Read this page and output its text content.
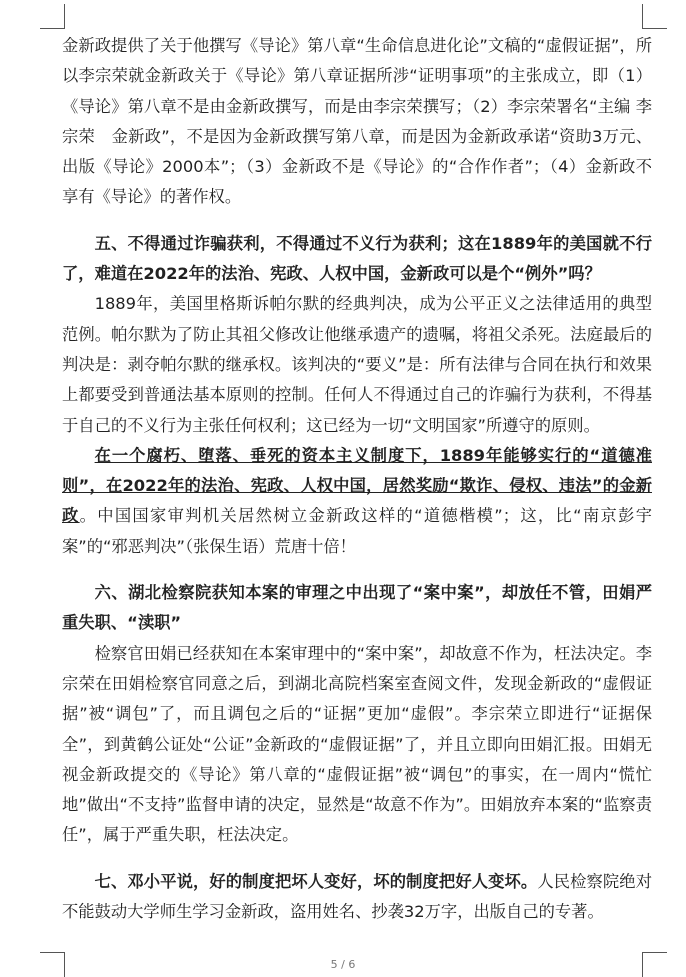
金新政提供了关于他撰写《导论》第八章“生命信息进化论”文稿的“虚假证据”，所以李宗荣就金新政关于《导论》第八章证据所涉“证明事项”的主张成立，即（1）《导论》第八章不是由金新政撰写，而是由李宗荣撰写；（2）李宗荣署名“主编 李宗荣　金新政”，不是因为金新政撰写第八章，而是因为金新政承诺“资助3万元、出版《导论》2000本”；（3）金新政不是《导论》的“合作作者”；（4）金新政不享有《导论》的著作权。

五、不得通过诈骗获利，不得通过不义行为获利；这在1889年的美国就不行了，难道在2022年的法治、宪政、人权中国，金新政可以是个“例外”吗？

1889年，美国里格斯诉帕尔默的经典判决，成为公平正义之法律适用的典型范例。帕尔默为了防止其祖父修改让他继承遗产的遗嘱，将祖父杀死。法庭最后的判决是：剥夺帕尔默的继承权。该判决的“要义”是：所有法律与合同在执行和效果上都要受到普通法基本原则的控制。任何人不得通过自己的诈骗行为获利，不得基于自己的不义行为主张任何权利；这已经为一切“文明国家”所遵守的原则。

在一个腐朽、堕落、垂死的资本主义制度下，1889年能够实行的“道德准则”，在2022年的法治、宪政、人权中国，居然奖励“欺诈、侵权、违法”的金新政。中国国家审判机关居然树立金新政这样的“道德楷模”；这，比“南京彭宇案”的“邪恶判决”（张保生语）荒唐十倍！

六、湖北检察院获知本案的审理之中出现了“案中案”，却放任不管，田娟严重失职、“渎职”

检察官田娟已经获知在本案审理中的“案中案”，却故意不作为，枉法决定。李宗荣在田娟检察官同意之后，到湖北高院档案室查阅文件，发现金新政的“虚假证据”被“调包”了，而且调包之后的“证据”更加“虚假”。李宗荣立即进行“证据保全”，到黄鹤公证处“公证”金新政的“虚假证据”了，并且立即向田娟汇报。田娟无视金新政提交的《导论》第八章的“虚假证据”被“调包”的事实，在一周内“慌忙地”做出“不支持”监督申请的决定，显然是“故意不作为”。田娟放弃本案的“监察责任”，属于严重失职，枉法决定。

七、邓小平说，好的制度把坏人变好，坏的制度把好人变坏。人民检察院绝对不能鼓动大学师生学习金新政，盗用姓名、抄袭32万字，出版自己的专著。

5 / 6
